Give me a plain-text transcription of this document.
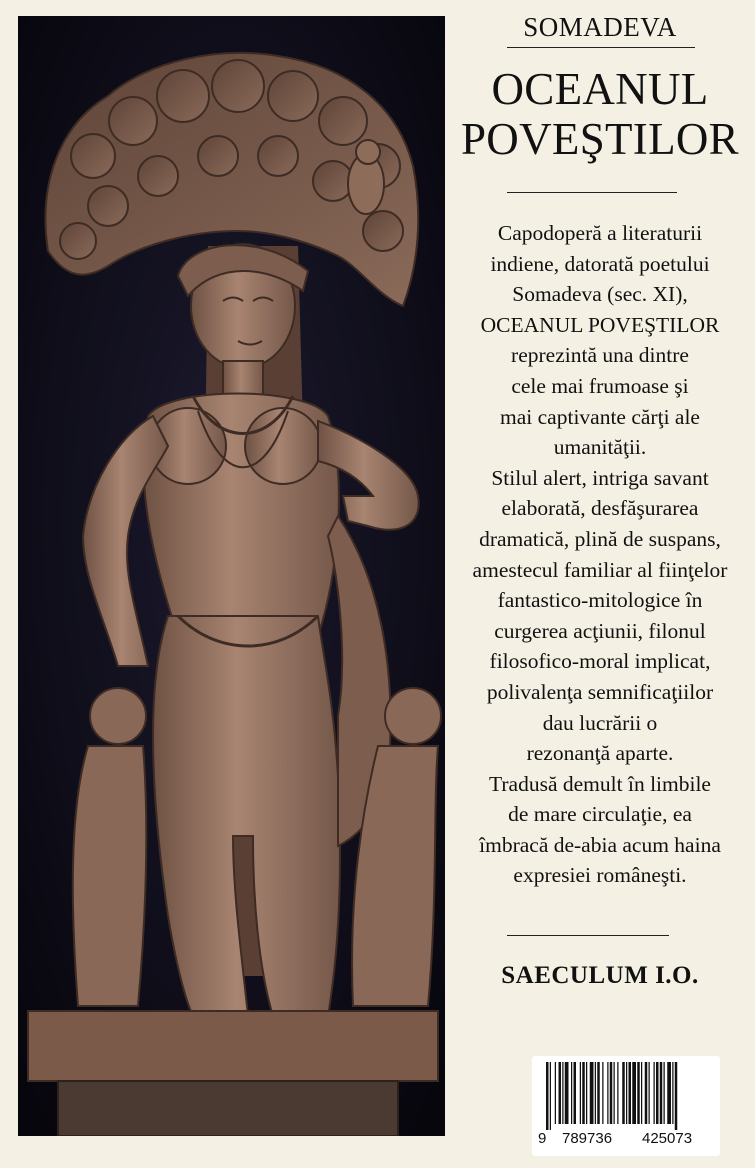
SOMADEVA
OCEANUL
POVEŞTILOR
Capodoperă a literaturii
indiene, datorată poetului
Somadeva (sec. XI),
OCEANUL POVEŞTILOR
reprezintă una dintre
cele mai frumoase şi
mai captivante cărţi ale
umanităţii.
Stilul alert, intriga savant
elaborată, desfăşurarea
dramatică, plină de suspans,
amestecul familiar al fiinţelor
fantastico-mitologice în
curgerea acţiunii, filonul
filosofico-moral implicat,
polivalenţa semnificaţiilor
dau lucrării o
rezonanţă aparte.
Tradusă demult în limbile
de mare circulaţie, ea
îmbracă de-abia acum haina
expresiei româneşti.
SAECULUM I.O.
9 789736 425073
